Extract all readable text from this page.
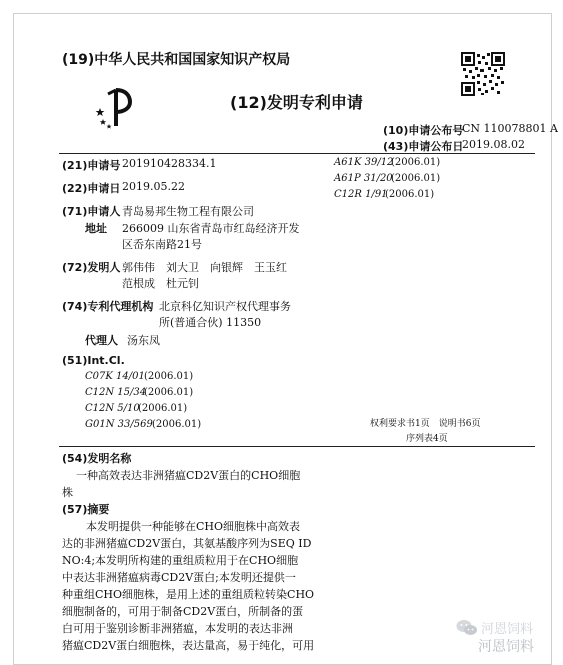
(19)中华人民共和国国家知识产权局
(12)发明专利申请
(10)申请公布号
CN 110078801 A
(43)申请公布日
2019.08.02
(21)申请号 201910428334.1
(22)申请日 2019.05.22
(71)申请人 青岛易邦生物工程有限公司
地址 266009 山东省青岛市红岛经济开发
区岙东南路21号
(72)发明人 郭伟伟　刘大卫　向银辉　王玉红
范根成　杜元钊
(74)专利代理机构 北京科亿知识产权代理事务
所(普通合伙) 11350
代理人 汤东凤
(51)Int.Cl.
C07K 14/01 (2006.01)
C12N 15/34
(2006.01)
C12N 5/10
(2006.01)
G01N 33/569 (2006.01)
A61K 39/12
(2006.01)
A61P 31/20
(2006.01)
C12R 1/91
(2006.01)
权利要求书1页　说明书6页
序列表4页
(54)发明名称
一种高效表达非洲猪瘟CD2V蛋白的CHO细胞
株
(57)摘要
本发明提供一种能够在CHO细胞株中高效表
达的非洲猪瘟CD2V蛋白，其氨基酸序列为SEQ ID
NO:4;本发明所构建的重组质粒用于在CHO细胞
中表达非洲猪瘟病毒CD2V蛋白;本发明还提供一
种重组CHO细胞株，是用上述的重组质粒转染CHO
细胞制备的，可用于制备CD2V蛋白，所制备的蛋
白可用于鉴别诊断非洲猪瘟，本发明的表达非洲
猪瘟CD2V蛋白细胞株，表达量高，易于纯化，可用
河恩饲料
河恩饲料
